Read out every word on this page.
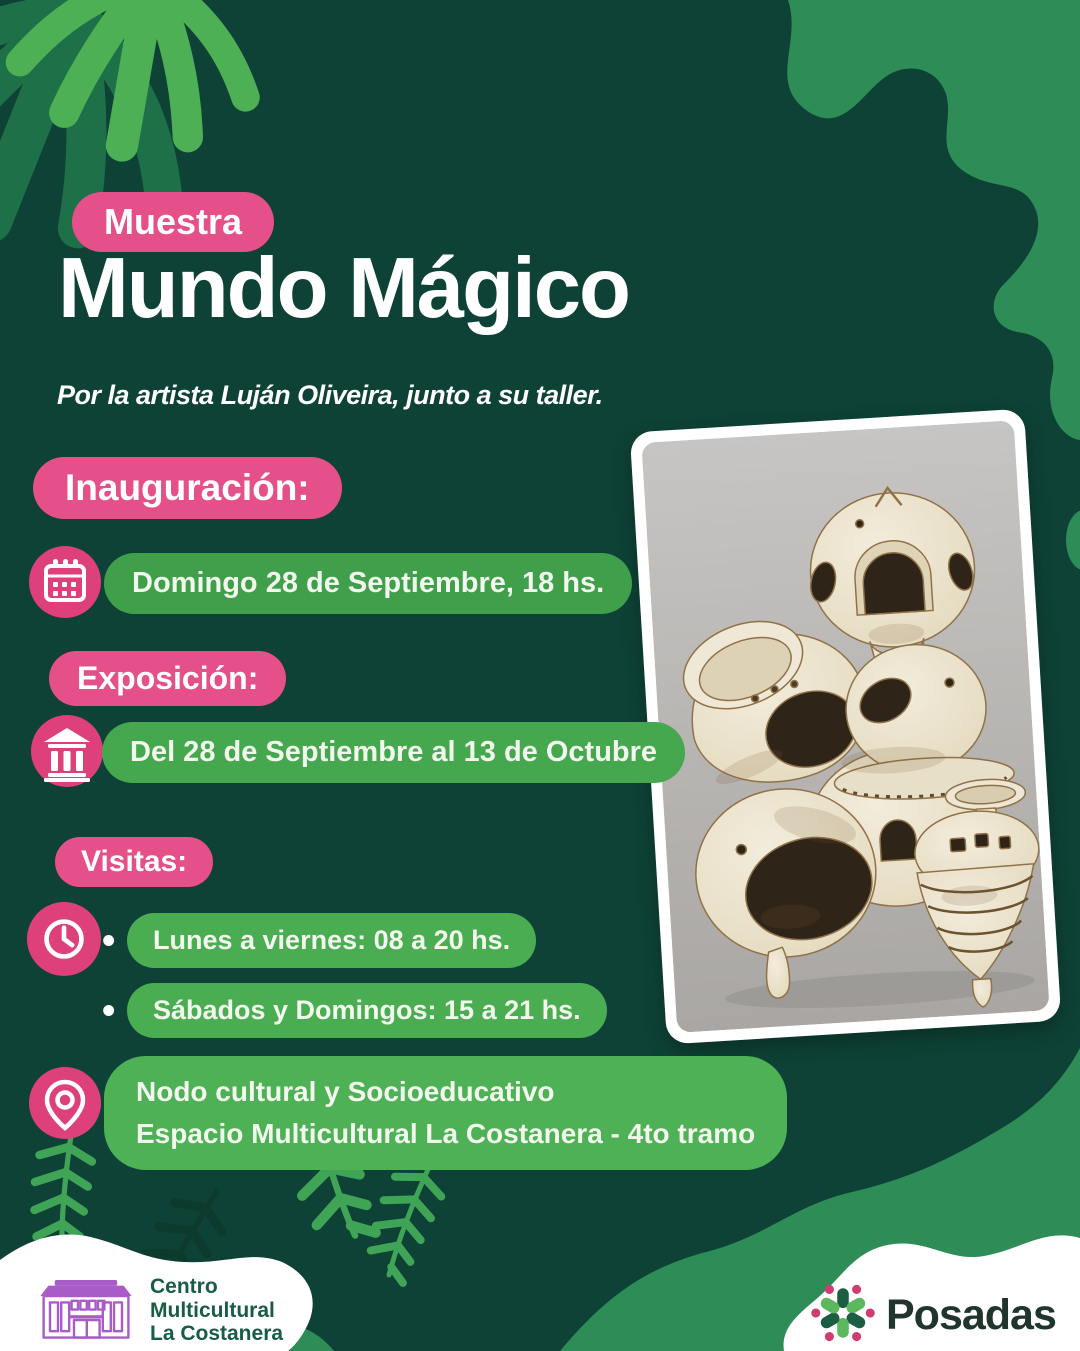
Muestra
Mundo Mágico

Por la artista Luján Oliveira, junto a su taller.

Inauguración:
Domingo 28 de Septiembre, 18 hs.
Exposición:
Del 28 de Septiembre al 13 de Octubre
Visitas:
•	Lunes a viernes: 08 a 20 hs.
•	Sábados y Domingos: 15 a 21 hs.
Nodo cultural y Socioeducativo
Espacio Multicultural La Costanera - 4to tramo
Centro
Multicultural
La Costanera	Posadas
